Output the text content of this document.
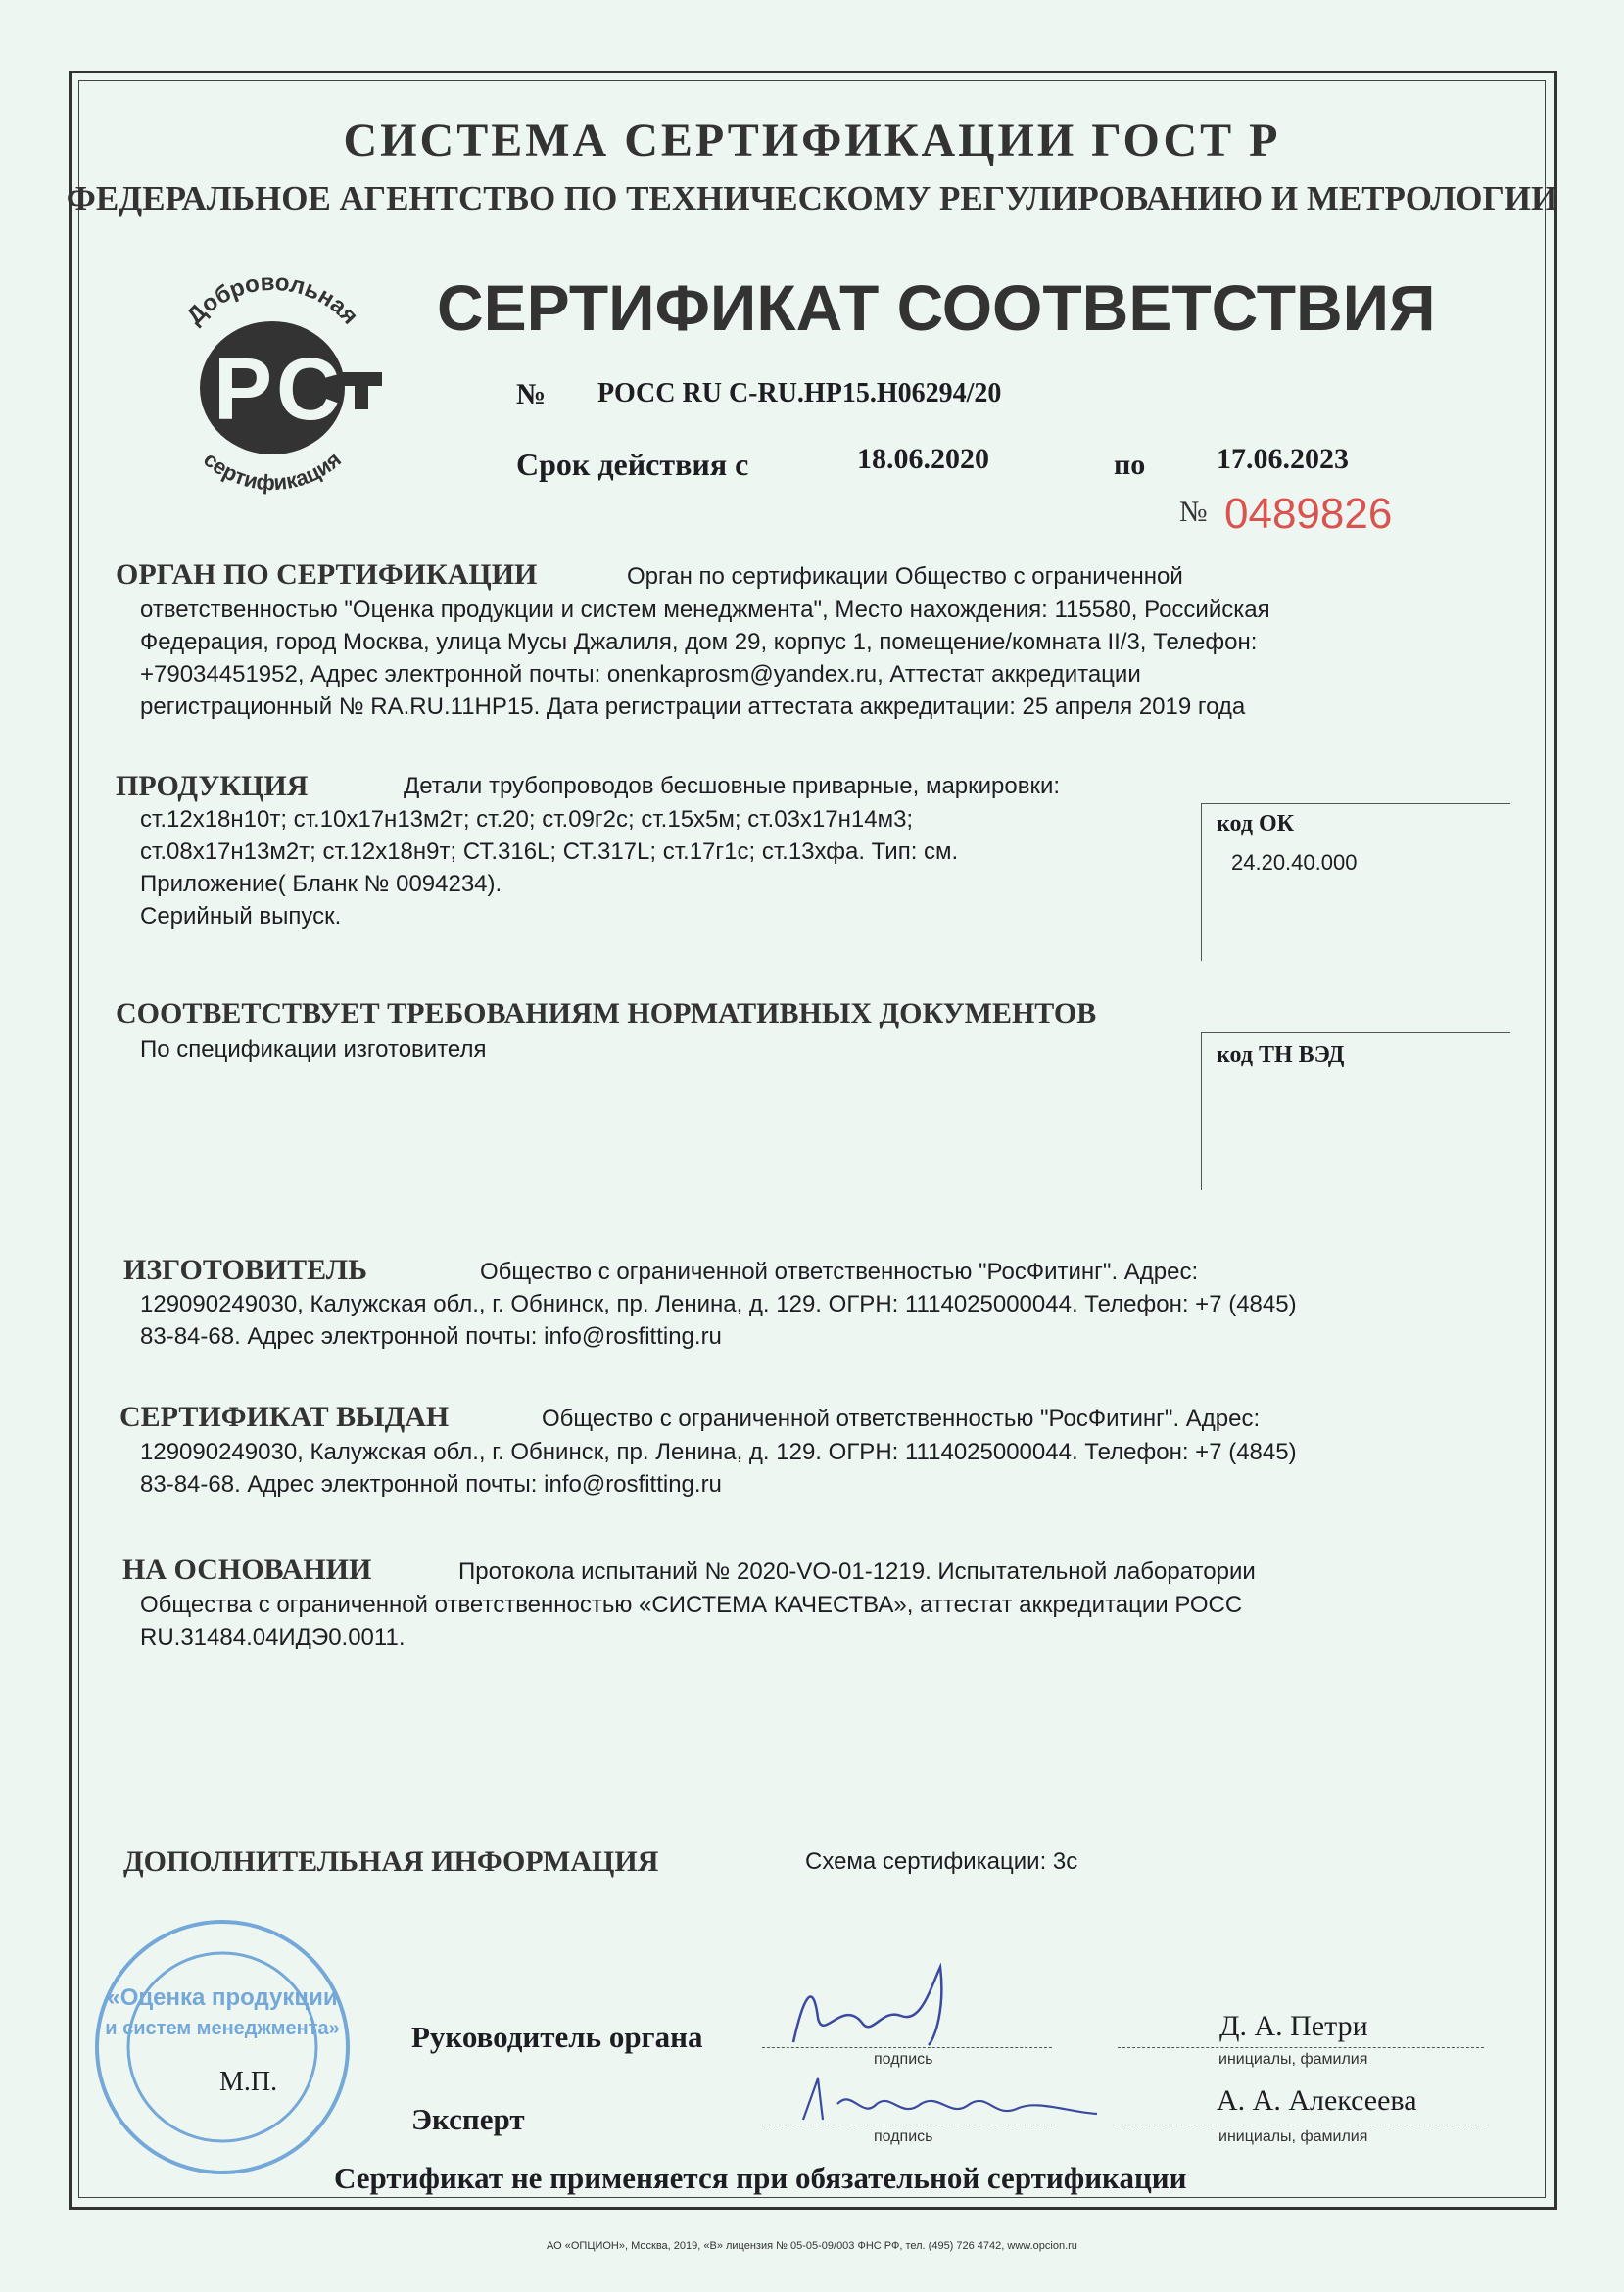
СИСТЕМА СЕРТИФИКАЦИИ ГОСТ Р
ФЕДЕРАЛЬНОЕ АГЕНТСТВО ПО ТЕХНИЧЕСКОМУ РЕГУЛИРОВАНИЮ И МЕТРОЛОГИИ
Р С
Добровольная
сертификация
СЕРТИФИКАТ СООТВЕТСТВИЯ
№ РОСС RU C-RU.HP15.H06294/20
Срок действия с	18.06.2020	по 17.06.2023
№ 0489826
ОРГАН ПО СЕРТИФИКАЦИИ	Орган по сертификации Общество с ограниченной
ответственностью "Оценка продукции и систем менеджмента", Место нахождения: 115580, Российская
Федерация, город Москва, улица Мусы Джалиля, дом 29, корпус 1, помещение/комната II/3, Телефон:
+79034451952, Адрес электронной почты: onenkaprosm@yandex.ru, Аттестат аккредитации
регистрационный № RA.RU.11HP15. Дата регистрации аттестата аккредитации: 25 апреля 2019 года
ПРОДУКЦИЯ	Детали трубопроводов бесшовные приварные, маркировки:
ст.12х18н10т; ст.10х17н13м2т; ст.20; ст.09г2с; ст.15х5м; ст.03х17н14м3;
ст.08х17н13м2т; ст.12х18н9т; СТ.316L; СТ.317L; ст.17г1с; ст.13хфа. Тип: см.
Приложение( Бланк № 0094234).
Серийный выпуск.
код ОК
24.20.40.000
СООТВЕТСТВУЕТ ТРЕБОВАНИЯМ НОРМАТИВНЫХ ДОКУМЕНТОВ
По спецификации изготовителя	код ТН ВЭД
ИЗГОТОВИТЕЛЬ	Общество с ограниченной ответственностью "РосФитинг". Адрес:
129090249030, Калужская обл., г. Обнинск, пр. Ленина, д. 129. ОГРН: 1114025000044. Телефон: +7 (4845)
83-84-68. Адрес электронной почты: info@rosfitting.ru
СЕРТИФИКАТ ВЫДАН	Общество с ограниченной ответственностью "РосФитинг". Адрес:
129090249030, Калужская обл., г. Обнинск, пр. Ленина, д. 129. ОГРН: 1114025000044. Телефон: +7 (4845)
83-84-68. Адрес электронной почты: info@rosfitting.ru
НА ОСНОВАНИИ	Протокола испытаний № 2020-VO-01-1219. Испытательной лаборатории
Общества с ограниченной ответственностью «СИСТЕМА КАЧЕСТВА», аттестат аккредитации РОСС
RU.31484.04ИДЭ0.0011.
ДОПОЛНИТЕЛЬНАЯ ИНФОРМАЦИЯ	Схема сертификации: 3с
«Оценка продукции
и систем менеджмента»
М.П.
Руководитель органа
подпись
Д. А. Петри
инициалы, фамилия
Эксперт
подпись
А. А. Алексеева
инициалы, фамилия
Сертификат не применяется при обязательной сертификации
АО «ОПЦИОН», Москва, 2019, «В» лицензия № 05-05-09/003 ФНС РФ, тел. (495) 726 4742, www.opcion.ru
